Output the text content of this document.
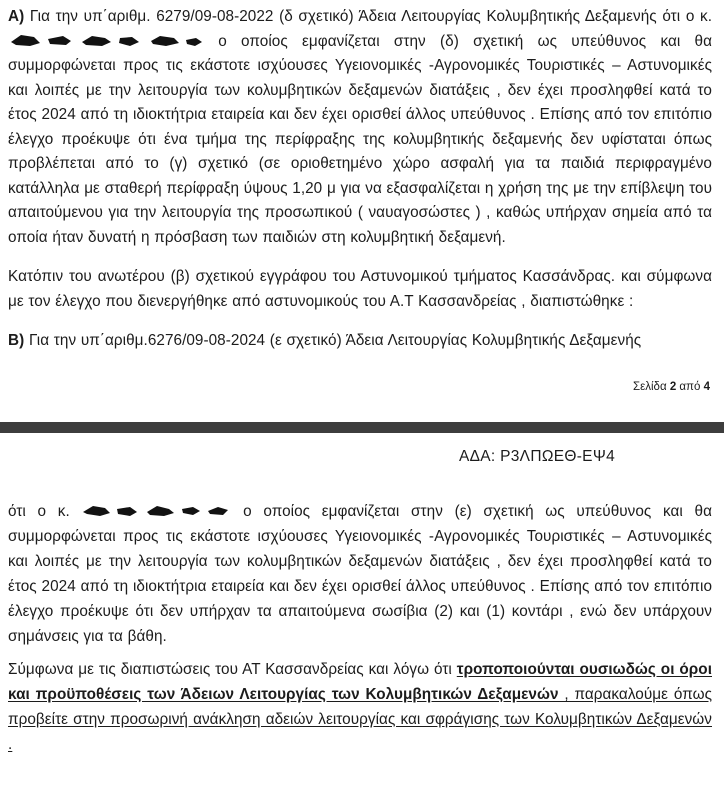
Α) Για την υπ΄αριθμ. 6279/09-08-2022 (δ σχετικό) Άδεια Λειτουργίας Κολυμβητικής Δεξαμενής ότι ο κ.  ο οποίος εμφανίζεται στην (δ) σχετική ως υπεύθυνος και θα συμμορφώνεται προς τις εκάστοτε ισχύουσες Υγειονομικές -Αγρονομικές Τουριστικές – Αστυνομικές και λοιπές με την λειτουργία των κολυμβητικών δεξαμενών διατάξεις , δεν έχει προσληφθεί κατά το έτος 2024 από τη ιδιοκτήτρια εταιρεία και δεν έχει ορισθεί άλλος υπεύθυνος . Επίσης από τον επιτόπιο έλεγχο προέκυψε ότι ένα τμήμα της περίφραξης της κολυμβητικής δεξαμενής δεν υφίσταται όπως προβλέπεται από το (γ) σχετικό (σε οριοθετημένο χώρο ασφαλή για τα παιδιά περιφραγμένο κατάλληλα με σταθερή περίφραξη ύψους 1,20 μ για να εξασφαλίζεται η χρήση της με την επίβλεψη του απαιτούμενου για την λειτουργία της προσωπικού ( ναυαγοσώστες ) , καθώς υπήρχαν σημεία από τα οποία ήταν δυνατή η πρόσβαση των παιδιών στη κολυμβητική δεξαμενή.

Κατόπιν του ανωτέρου (β) σχετικού εγγράφου του Αστυνομικού τμήματος Κασσάνδρας. και σύμφωνα με τον έλεγχο που διενεργήθηκε από αστυνομικούς του Α.Τ Κασσανδρείας , διαπιστώθηκε :

Β) Για την υπ΄αριθμ.6276/09-08-2024 (ε σχετικό) Άδεια Λειτουργίας Κολυμβητικής Δεξαμενής

Σελίδα 2 από 4
ΑΔΑ: Ρ3ΛΠΩΕΘ-ΕΨ4

ότι ο κ.	ο οποίος εμφανίζεται στην (ε) σχετική ως υπεύθυνος και θα συμμορφώνεται προς τις εκάστοτε ισχύουσες Υγειονομικές -Αγρονομικές Τουριστικές – Αστυνομικές και λοιπές με την λειτουργία των κολυμβητικών δεξαμενών διατάξεις , δεν έχει προσληφθεί κατά το έτος 2024 από τη ιδιοκτήτρια εταιρεία και δεν έχει ορισθεί άλλος υπεύθυνος . Επίσης από τον επιτόπιο έλεγχο προέκυψε ότι δεν υπήρχαν τα απαιτούμενα σωσίβια (2) και (1) κοντάρι , ενώ δεν υπάρχουν σημάνσεις για τα βάθη.

Σύμφωνα με τις διαπιστώσεις του ΑΤ Κασσανδρείας και λόγω ότι τροποποιούνται ουσιωδώς οι όροι και προϋποθέσεις των Άδειων Λειτουργίας των Κολυμβητικών Δεξαμενών , παρακαλούμε όπως προβείτε στην προσωρινή ανάκληση αδειών λειτουργίας και σφράγισης των Κολυμβητικών Δεξαμενών .
